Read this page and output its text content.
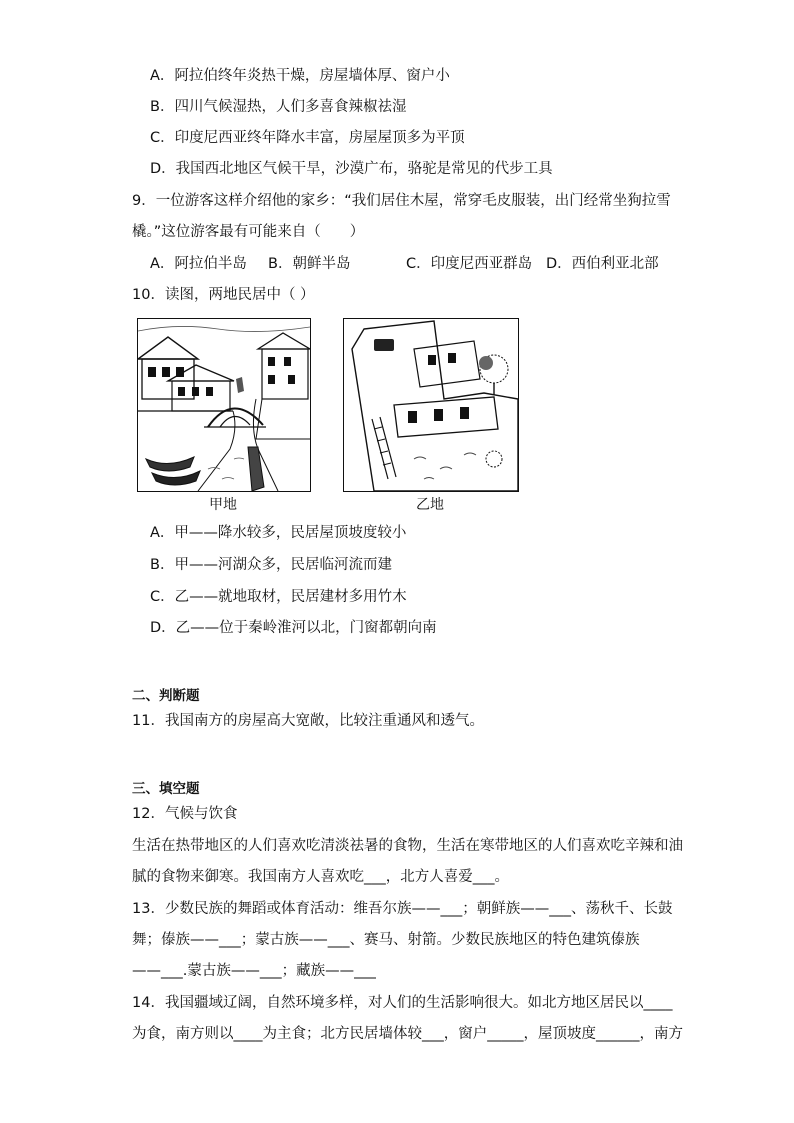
A．阿拉伯终年炎热干燥，房屋墙体厚、窗户小
B．四川气候湿热，人们多喜食辣椒祛湿
C．印度尼西亚终年降水丰富，房屋屋顶多为平顶
D．我国西北地区气候干旱，沙漠广布，骆驼是常见的代步工具
9．一位游客这样介绍他的家乡：“我们居住木屋，常穿毛皮服装，出门经常坐狗拉雪
橇。”这位游客最有可能来自（　　）
A．阿拉伯半岛 B．朝鲜半岛	C．印度尼西亚群岛 D．西伯利亚北部
10．读图，两地民居中（ ）
甲地	乙地
A．甲——降水较多，民居屋顶坡度较小
B．甲——河湖众多，民居临河流而建
C．乙——就地取材，民居建材多用竹木
D．乙——位于秦岭淮河以北，门窗都朝向南
二、判断题
11．我国南方的房屋高大宽敞，比较注重通风和透气。
三、填空题
12．气候与饮食
生活在热带地区的人们喜欢吃清淡祛暑的食物，生活在寒带地区的人们喜欢吃辛辣和油
腻的食物来御寒。我国南方人喜欢吃___，北方人喜爱___。
13．少数民族的舞蹈或体育活动：维吾尔族——___；朝鲜族——___、荡秋千、长鼓
舞；傣族——___；蒙古族——___、赛马、射箭。少数民族地区的特色建筑傣族
——___.蒙古族——___；藏族——___
14．我国疆域辽阔，自然环境多样，对人们的生活影响很大。如北方地区居民以____
为食，南方则以____为主食；北方民居墙体较___，窗户_____，屋顶坡度______，南方
